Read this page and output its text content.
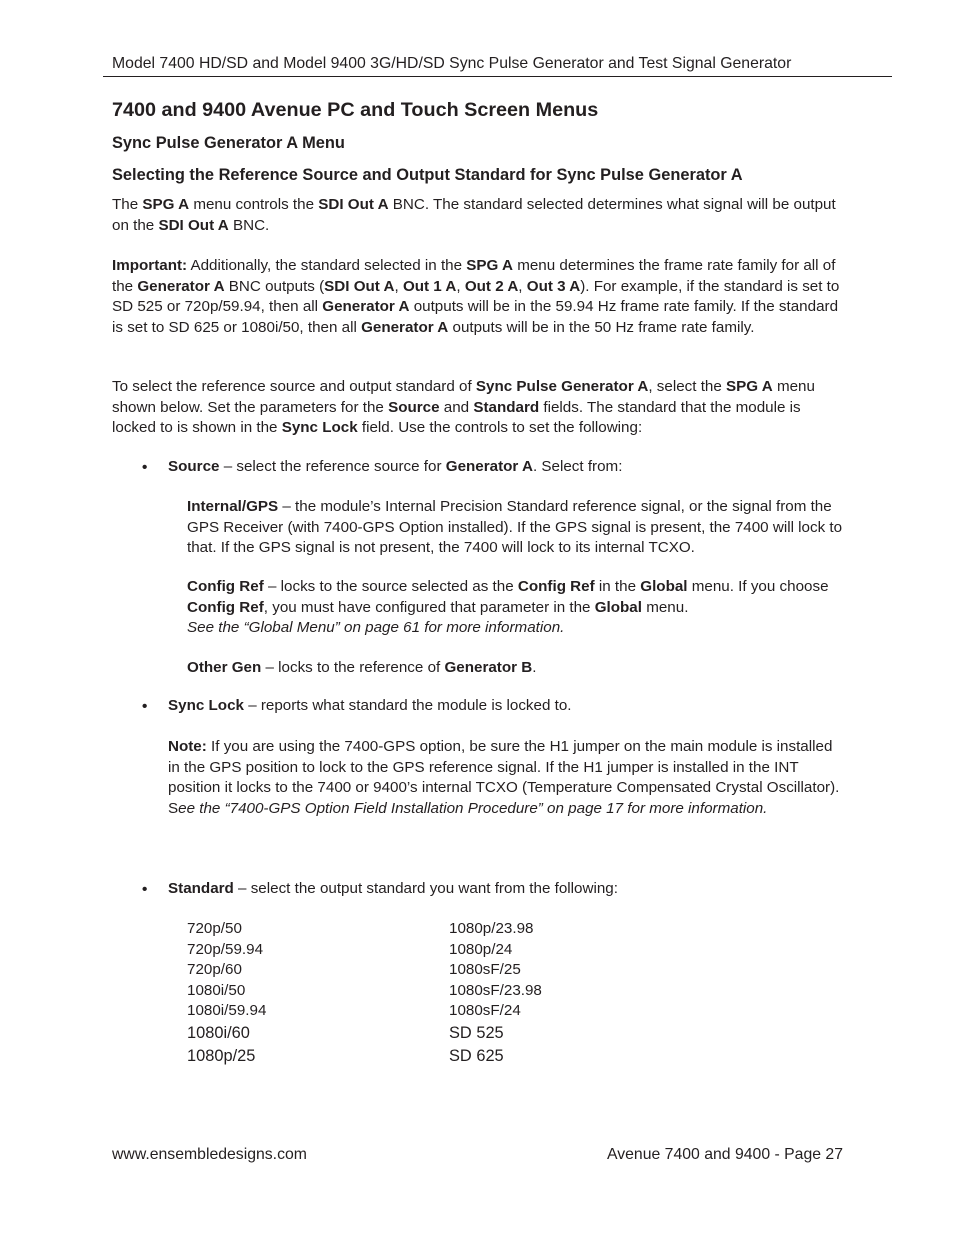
Model 7400 HD/SD and Model 9400 3G/HD/SD Sync Pulse Generator and Test Signal Generator
7400 and 9400 Avenue PC and Touch Screen Menus
Sync Pulse Generator A Menu
Selecting the Reference Source and Output Standard for Sync Pulse Generator A

The SPG A menu controls the SDI Out A BNC. The standard selected determines what signal will be output on the SDI Out A BNC.

Important: Additionally, the standard selected in the SPG A menu determines the frame rate family for all of the Generator A BNC outputs (SDI Out A, Out 1 A, Out 2 A, Out 3 A). For example, if the standard is set to SD 525 or 720p/59.94, then all Generator A outputs will be in the 59.94 Hz frame rate family. If the standard is set to SD 625 or 1080i/50, then all Generator A outputs will be in the 50 Hz frame rate family.

To select the reference source and output standard of Sync Pulse Generator A, select the SPG A menu shown below. Set the parameters for the Source and Standard fields. The standard that the module is locked to is shown in the Sync Lock field. Use the controls to set the following:

• Source – select the reference source for Generator A. Select from:

Internal/GPS – the module’s Internal Precision Standard reference signal, or the signal from the GPS Receiver (with 7400-GPS Option installed). If the GPS signal is present, the 7400 will lock to that. If the GPS signal is not present, the 7400 will lock to its internal TCXO.

Config Ref – locks to the source selected as the Config Ref in the Global menu. If you choose Config Ref, you must have configured that parameter in the Global menu.
See the “Global Menu” on page 61 for more information.

Other Gen – locks to the reference of Generator B.

• Sync Lock – reports what standard the module is locked to.

Note: If you are using the 7400-GPS option, be sure the H1 jumper on the main module is installed in the GPS position to lock to the GPS reference signal. If the H1 jumper is installed in the INT position it locks to the 7400 or 9400’s internal TCXO (Temperature Compensated Crystal Oscillator). See the “7400-GPS Option Field Installation Procedure” on page 17 for more information.

• Standard – select the output standard you want from the following:

720p/50
720p/59.94
720p/60
1080i/50
1080i/59.94
1080i/60
1080p/25
1080p/23.98
1080p/24
1080sF/25
1080sF/23.98
1080sF/24
SD 525
SD 625
www.ensembledesigns.com	Avenue 7400 and 9400 - Page 27
